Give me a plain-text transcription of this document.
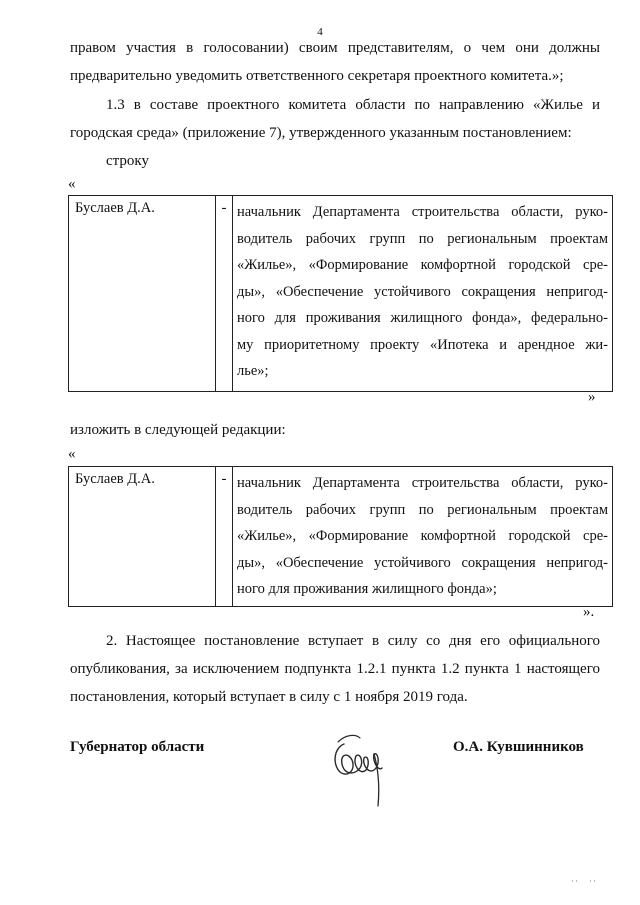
4
правом участия в голосовании) своим представителям, о чем они должны
предварительно уведомить ответственного секретаря проектного комитета.»;
1.3 в составе проектного комитета области по направлению «Жилье и
городская среда» (приложение 7), утвержденного указанным постановлением:
строку
«
Буслаев Д.А.	-	начальник Департамента строительства области, руко-
водитель рабочих групп по региональным проектам
«Жилье», «Формирование комфортной городской сре-
ды», «Обеспечение устойчивого сокращения непригод-
ного для проживания жилищного фонда», федерально-
му приоритетному проекту «Ипотека и арендное жи-
лье»;
»
изложить в следующей редакции:
«
Буслаев Д.А.	-	начальник Департамента строительства области, руко-
водитель рабочих групп по региональным проектам
«Жилье», «Формирование комфортной городской сре-
ды», «Обеспечение устойчивого сокращения непригод-
ного для проживания жилищного фонда»;
».
2. Настоящее постановление вступает в силу со дня его официального
опубликования, за исключением подпункта 1.2.1 пункта 1.2 пункта 1 настоящего
постановления, который вступает в силу с 1 ноября 2019 года.
Губернатор области	О.А. Кувшинников
